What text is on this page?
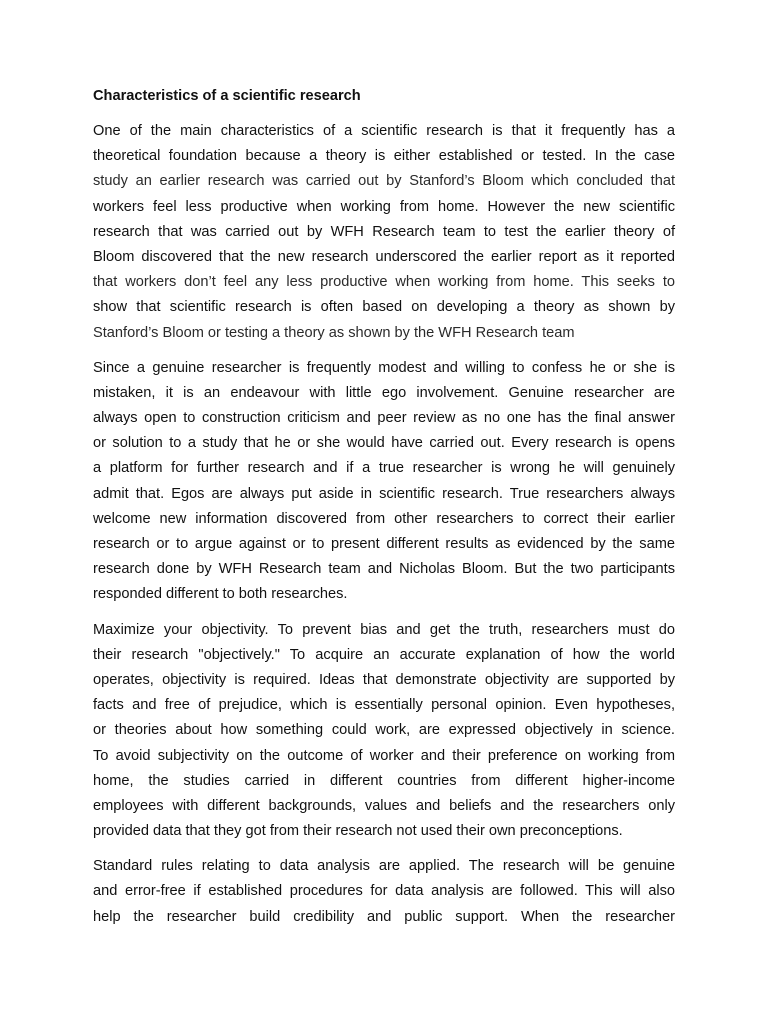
Characteristics of a scientific research
One of the main characteristics of a scientific research is that it frequently has a
theoretical foundation because a theory is either established or tested. In the case
study an earlier research was carried out by Stanford’s Bloom which concluded that
workers feel less productive when working from home. However the new scientific
research that was carried out by WFH Research team to test the earlier theory of
Bloom discovered that the new research underscored the earlier report as it reported
that workers don’t feel any less productive when working from home. This seeks to
show that scientific research is often based on developing a theory as shown by
Stanford’s Bloom or testing a theory as shown by the WFH Research team
Since a genuine researcher is frequently modest and willing to confess he or she is
mistaken, it is an endeavour with little ego involvement. Genuine researcher are
always open to construction criticism and peer review as no one has the final answer
or solution to a study that he or she would have carried out. Every research is opens
a platform for further research and if a true researcher is wrong he will genuinely
admit that. Egos are always put aside in scientific research. True researchers always
welcome new information discovered from other researchers to correct their earlier
research or to argue against or to present different results as evidenced by the same
research done by WFH Research team and Nicholas Bloom. But the two participants
responded different to both researches.
Maximize your objectivity. To prevent bias and get the truth, researchers must do
their research "objectively." To acquire an accurate explanation of how the world
operates, objectivity is required. Ideas that demonstrate objectivity are supported by
facts and free of prejudice, which is essentially personal opinion. Even hypotheses,
or theories about how something could work, are expressed objectively in science.
To avoid subjectivity on the outcome of worker and their preference on working from
home, the studies carried in different countries from different higher-income
employees with different backgrounds, values and beliefs and the researchers only
provided data that they got from their research not used their own preconceptions.
Standard rules relating to data analysis are applied. The research will be genuine
and error-free if established procedures for data analysis are followed. This will also
help the researcher build credibility and public support. When the researcher
